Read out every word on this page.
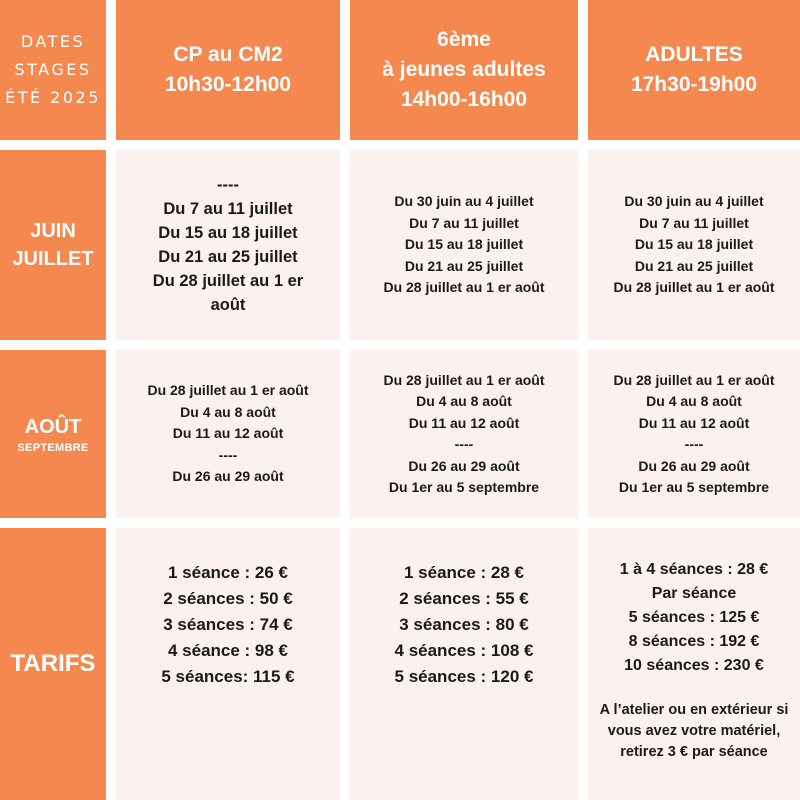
DATES
STAGES
ÉTÉ 2025
CP au CM2
10h30-12h00
6ème
à jeunes adultes
14h00-16h00
ADULTES
17h30-19h00
JUIN
JUILLET
----
Du 7 au 11 juillet
Du 15 au 18 juillet
Du 21 au 25 juillet
Du 28 juillet au 1 er
août
Du 30 juin au 4 juillet
Du 7 au 11 juillet
Du 15 au 18 juillet
Du 21 au 25 juillet
Du 28 juillet au 1 er août
Du 30 juin au 4 juillet
Du 7 au 11 juillet
Du 15 au 18 juillet
Du 21 au 25 juillet
Du 28 juillet au 1 er août
AOÛT
SEPTEMBRE
Du 28 juillet au 1 er août
Du 4 au 8 août
Du 11 au 12 août
----
Du 26 au 29 août
Du 28 juillet au 1 er août
Du 4 au 8 août
Du 11 au 12 août
----
Du 26 au 29 août
Du 1er au 5 septembre
Du 28 juillet au 1 er août
Du 4 au 8 août
Du 11 au 12 août
----
Du 26 au 29 août
Du 1er au 5 septembre
TARIFS
1 séance : 26 €
2 séances : 50 €
3 séances : 74 €
4 séance : 98 €
5 séances: 115 €
1 séance : 28 €
2 séances : 55 €
3 séances : 80 €
4 séances : 108 €
5 séances : 120 €
1 à 4 séances : 28 €
Par séance
5 séances : 125 €
8 séances : 192 €
10 séances : 230 €
A l’atelier ou en extérieur si vous avez votre matériel, retirez 3 € par séance
